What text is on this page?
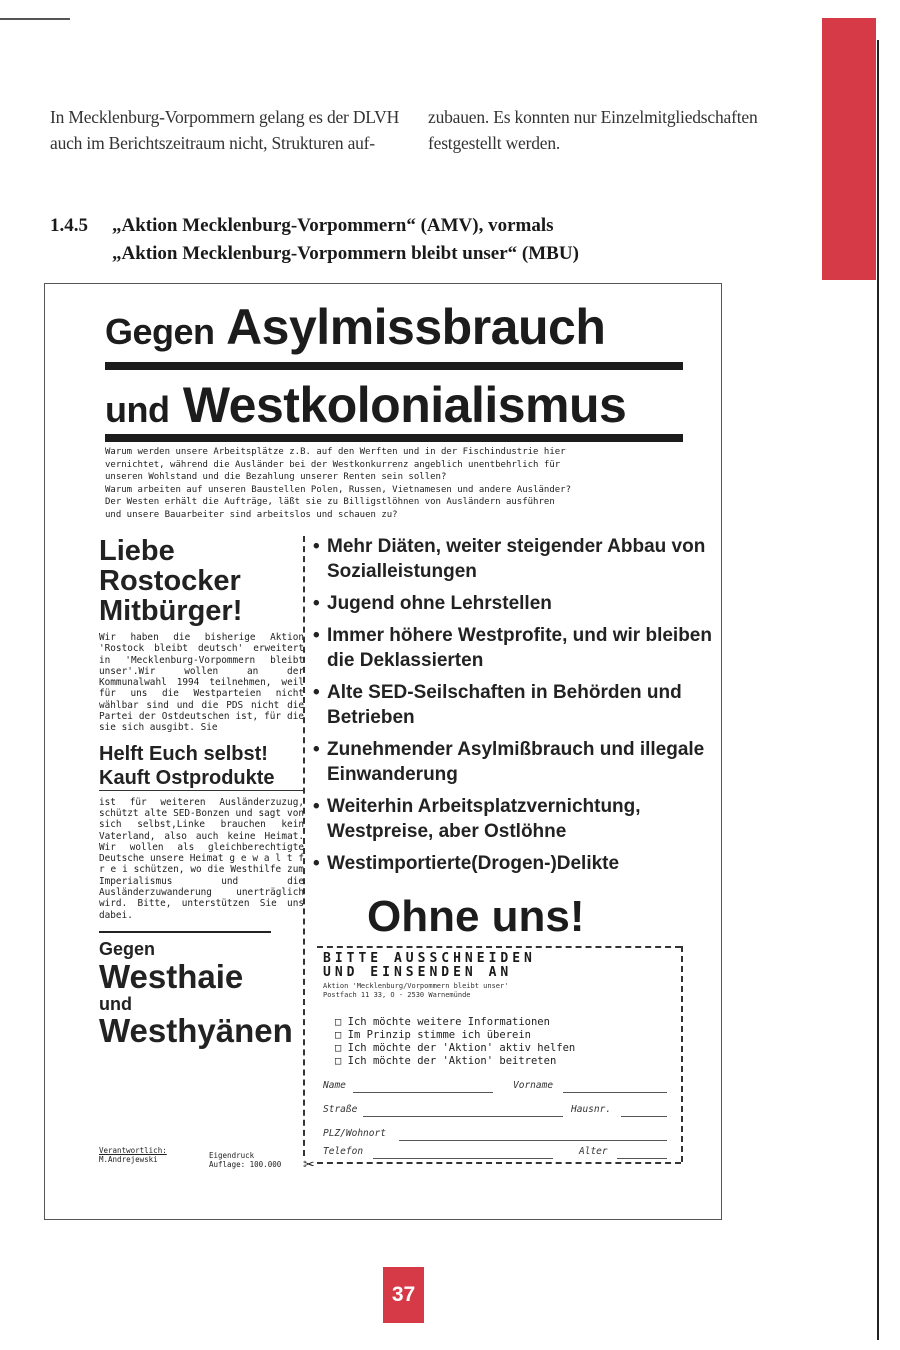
In Mecklenburg-Vorpommern gelang es der DLVH auch im Berichtszeitraum nicht, Strukturen auf-

zubauen. Es konnten nur Einzelmitgliedschaften festgestellt werden.

1.4.5 „Aktion Mecklenburg-Vorpommern“ (AMV), vormals
„Aktion Mecklenburg-Vorpommern bleibt unser“ (MBU)
Gegen Asylmissbrauch
und Westkolonialismus

Warum werden unsere Arbeitsplätze z.B. auf den Werften und in der Fischindustrie hier

vernichtet, während die Ausländer bei der Westkonkurrenz angeblich unentbehrlich für

unseren Wohlstand und die Bezahlung unserer Renten sein sollen?

Warum arbeiten auf unseren Baustellen Polen, Russen, Vietnamesen und andere Ausländer?

Der Westen erhält die Aufträge, läßt sie zu Billigstlöhnen von Ausländern ausführen

und unsere Bauarbeiter sind arbeitslos und schauen zu?

Liebe
Rostocker
Mitbürger!
Wir haben die bisherige Aktion 'Rostock bleibt deutsch' erweitert in 'Mecklenburg-Vorpommern bleibt unser'.Wir wollen an der Kommunalwahl 1994 teilnehmen, weil für uns die Westparteien nicht wählbar sind und die PDS nicht die Partei der Ostdeutschen ist, für die sie sich ausgibt. Sie
Helft Euch selbst!
Kauft Ostprodukte
ist für weiteren Ausländerzuzug, schützt alte SED-Bonzen und sagt von sich selbst,Linke brauchen kein Vaterland, also auch keine Heimat. Wir wollen als gleichberechtigte Deutsche unsere Heimat g e w a l t f r e i schützen, wo die Westhilfe zum Imperialismus und die Ausländerzuwanderung unerträglich wird. Bitte, unterstützen Sie uns dabei.
Gegen
Westhaie
und
Westhyänen
Verantwortlich:
M.Andrejewski	Eigendruck
Auflage: 100.000 ✂
• Mehr Diäten, weiter steigender Abbau von Sozialleistungen
• Jugend ohne Lehrstellen
• Immer höhere Westprofite, und wir bleiben die Deklassierten
• Alte SED-Seilschaften in Behörden und Betrieben
• Zunehmender Asylmißbrauch und illegale Einwanderung
• Weiterhin Arbeitsplatzvernichtung, Westpreise, aber Ostlöhne
• Westimportierte(Drogen-)Delikte
Ohne uns!
BITTE AUSSCHNEIDEN
UND EINSENDEN AN
Aktion 'Mecklenburg/Vorpommern bleibt unser'
Postfach 11 33, O - 2530 Warnemünde
□ Ich möchte weitere Informationen
□ Im Prinzip stimme ich überein
□ Ich möchte der 'Aktion' aktiv helfen
□ Ich möchte der 'Aktion' beitreten
Name	Vorname
Straße	Hausnr.
PLZ/Wohnort
Telefon	Alter
37
